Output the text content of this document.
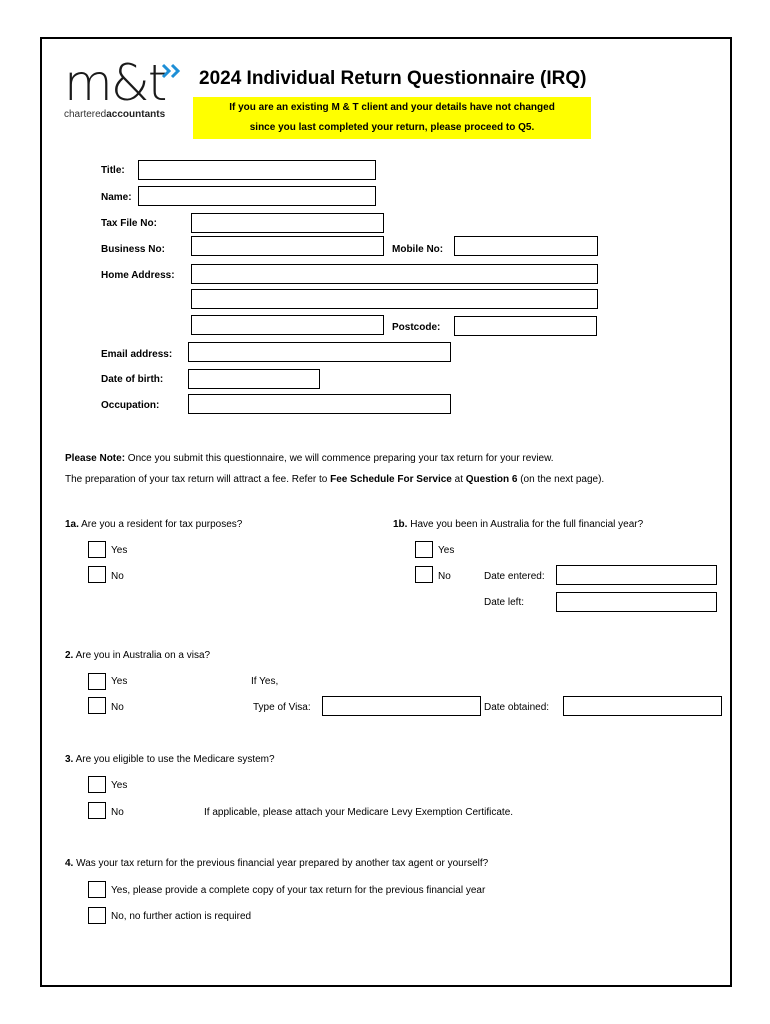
m&t
charteredaccountants
2024 Individual Return Questionnaire (IRQ)
If you are an existing M & T client and your details have not changed
since you last completed your return, please proceed to Q5.
Title:
Name:
Tax File No:
Business No:	Mobile No:
Home Address:
Postcode:
Email address:
Date of birth:
Occupation:
Please Note: Once you submit this questionnaire, we will commence preparing your tax return for your review.
The preparation of your tax return will attract a fee. Refer to Fee Schedule For Service at Question 6 (on the next page).
1a. Are you a resident for tax purposes?
Yes
No
1b. Have you been in Australia for the full financial year?
Yes
No	Date entered:
Date left:
2. Are you in Australia on a visa?
Yes	If Yes,
No	Type of Visa:	Date obtained:
3. Are you eligible to use the Medicare system?
Yes
No	If applicable, please attach your Medicare Levy Exemption Certificate.
4. Was your tax return for the previous financial year prepared by another tax agent or yourself?
Yes, please provide a complete copy of your tax return for the previous financial year
No, no further action is required
